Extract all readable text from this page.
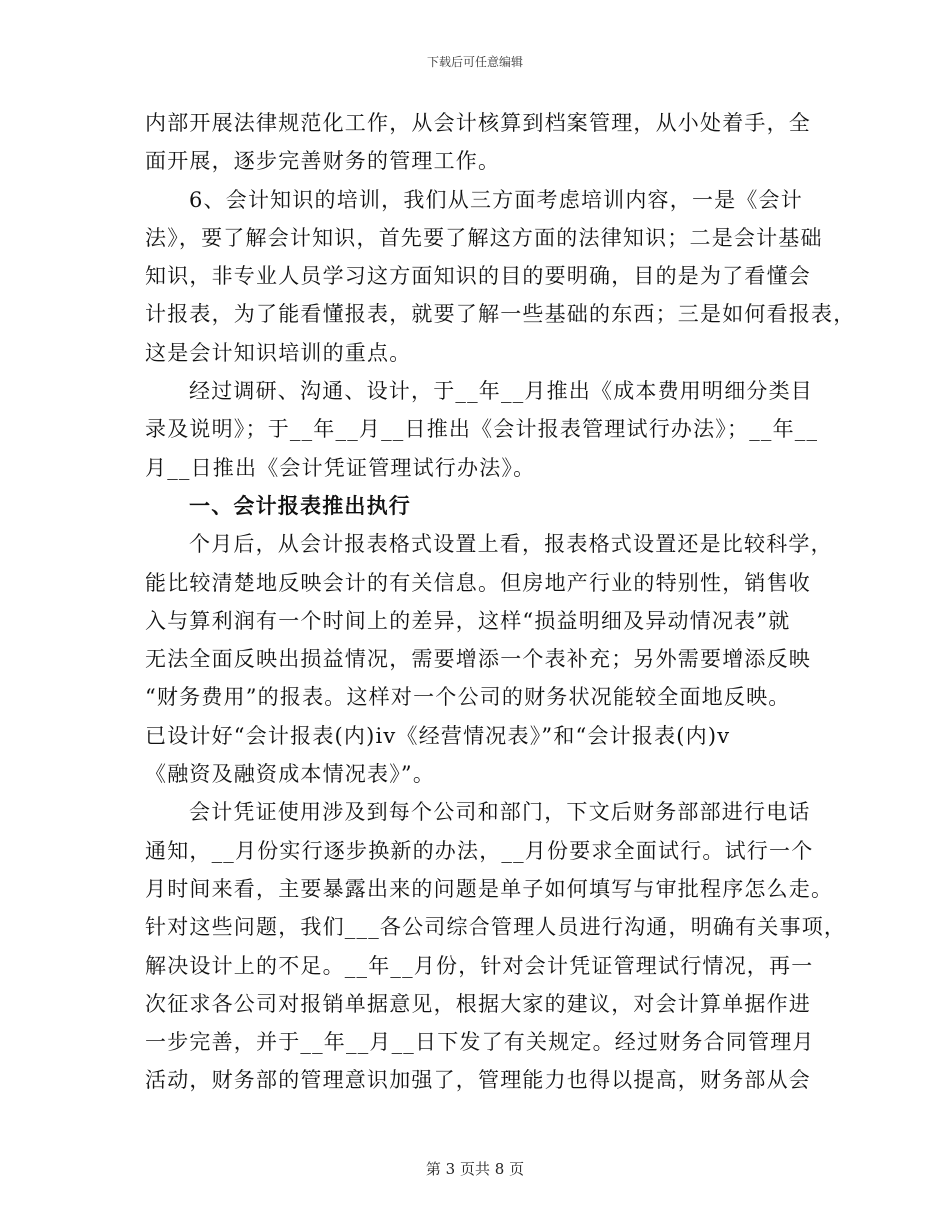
下载后可任意编辑
内部开展法律规范化工作，从会计核算到档案管理，从小处着手，全
面开展，逐步完善财务的管理工作。
6、会计知识的培训，我们从三方面考虑培训内容，一是《会计
法》，要了解会计知识，首先要了解这方面的法律知识；二是会计基础
知识，非专业人员学习这方面知识的目的要明确，目的是为了看懂会
计报表，为了能看懂报表，就要了解一些基础的东西；三是如何看报表，
这是会计知识培训的重点。
经过调研、沟通、设计，于__年__月推出《成本费用明细分类目
录及说明》；于__年__月__日推出《会计报表管理试行办法》；__年__
月__日推出《会计凭证管理试行办法》。
一、会计报表推出执行
个月后，从会计报表格式设置上看，报表格式设置还是比较科学，
能比较清楚地反映会计的有关信息。但房地产行业的特别性，销售收
入与算利润有一个时间上的差异，这样“损益明细及异动情况表”就
无法全面反映出损益情况，需要增添一个表补充；另外需要增添反映
“财务费用”的报表。这样对一个公司的财务状况能较全面地反映。
已设计好“会计报表(内)iv《经营情况表》”和“会计报表(内)v
《融资及融资成本情况表》”。
会计凭证使用涉及到每个公司和部门，下文后财务部部进行电话
通知，__月份实行逐步换新的办法，__月份要求全面试行。试行一个
月时间来看，主要暴露出来的问题是单子如何填写与审批程序怎么走。
针对这些问题，我们___各公司综合管理人员进行沟通，明确有关事项，
解决设计上的不足。__年__月份，针对会计凭证管理试行情况，再一
次征求各公司对报销单据意见，根据大家的建议，对会计算单据作进
一步完善，并于__年__月__日下发了有关规定。经过财务合同管理月
活动，财务部的管理意识加强了，管理能力也得以提高，财务部从会
第 3 页共 8 页
